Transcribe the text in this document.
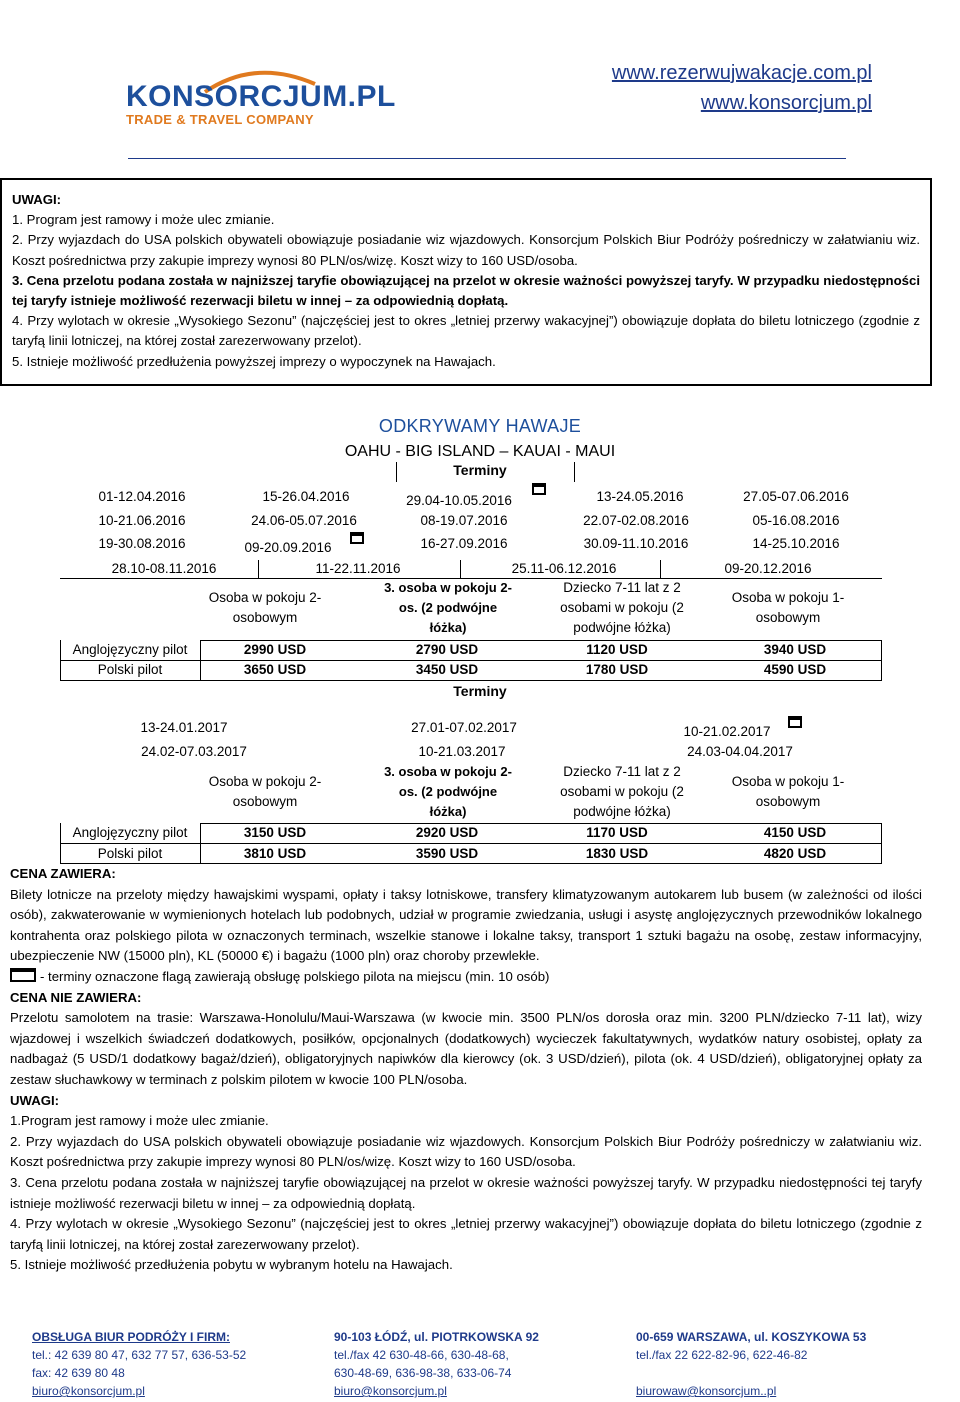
KONSORCJUM.PL
TRADE & TRAVEL COMPANY
www.rezerwujwakacje.com.pl
www.konsorcjum.pl

UWAGI:

1. Program jest ramowy i może ulec zmianie.

2. Przy wyjazdach do USA polskich obywateli obowiązuje posiadanie wiz wjazdowych. Konsorcjum Polskich Biur Podróży pośredniczy w załatwianiu wiz. Koszt pośrednictwa przy zakupie imprezy wynosi 80 PLN/os/wizę. Koszt wizy to 160 USD/osoba.

3. Cena przelotu podana została w najniższej taryfie obowiązującej na przelot w okresie ważności powyższej taryfy. W przypadku niedostępności tej taryfy istnieje możliwość rezerwacji biletu w innej – za odpowiednią dopłatą.

4. Przy wylotach w okresie „Wysokiego Sezonu” (najczęściej jest to okres „letniej przerwy wakacyjnej”) obowiązuje dopłata do biletu lotniczego (zgodnie z taryfą linii lotniczej, na której został zarezerwowany przelot).

5. Istnieje możliwość przedłużenia powyższej imprezy o wypoczynek na Hawajach.

ODKRYWAMY HAWAJE
OAHU - BIG ISLAND – KAUAI - MAUI
Terminy
01-12.04.2016	15-26.04.2016	29.04-10.05.2016	13-24.05.2016	27.05-07.06.2016
10-21.06.2016	24.06-05.07.2016	08-19.07.2016	22.07-02.08.2016	05-16.08.2016
19-30.08.2016	09-20.09.2016	16-27.09.2016	30.09-11.10.2016	14-25.10.2016
28.10-08.11.2016	11-22.11.2016	25.11-06.12.2016	09-20.12.2016
Osoba w pokoju 2-osobowym
3. osoba w pokoju 2-os. (2 podwójne łóżka)
Dziecko 7-11 lat z 2 osobami w pokoju (2 podwójne łóżka)
Osoba w pokoju 1-osobowym
Anglojęzyczny pilot	2990 USD	2790 USD	1120 USD	3940 USD
Polski pilot	3650 USD	3450 USD	1780 USD	4590 USD
Terminy
13-24.01.2017	27.01-07.02.2017	10-21.02.2017
24.02-07.03.2017	10-21.03.2017	24.03-04.04.2017
Osoba w pokoju 2-osobowym
3. osoba w pokoju 2-os. (2 podwójne łóżka)
Dziecko 7-11 lat z 2 osobami w pokoju (2 podwójne łóżka)
Osoba w pokoju 1-osobowym
Anglojęzyczny pilot	3150 USD	2920 USD	1170 USD	4150 USD
Polski pilot	3810 USD	3590 USD	1830 USD	4820 USD

CENA ZAWIERA:

Bilety lotnicze na przeloty między hawajskimi wyspami, opłaty i taksy lotniskowe, transfery klimatyzowanym autokarem lub busem (w zależności od ilości osób), zakwaterowanie w wymienionych hotelach lub podobnych, udział w programie zwiedzania, usługi i asystę anglojęzycznych przewodników lokalnego kontrahenta oraz polskiego pilota w oznaczonych terminach, wszelkie stanowe i lokalne taksy, transport 1 sztuki bagażu na osobę, zestaw informacyjny, ubezpieczenie NW (15000 pln), KL (50000 €) i bagażu (1000 pln) oraz choroby przewlekłe.

- terminy oznaczone flagą zawierają obsługę polskiego pilota na miejscu (min. 10 osób)

CENA NIE ZAWIERA:

Przelotu samolotem na trasie: Warszawa-Honolulu/Maui-Warszawa (w kwocie min. 3500 PLN/os dorosła oraz min. 3200 PLN/dziecko 7-11 lat), wizy wjazdowej i wszelkich świadczeń dodatkowych, posiłków, opcjonalnych (dodatkowych) wycieczek fakultatywnych, wydatków natury osobistej, opłaty za nadbagaż (5 USD/1 dodatkowy bagaż/dzień), obligatoryjnych napiwków dla kierowcy (ok. 3 USD/dzień), pilota (ok. 4 USD/dzień), obligatoryjnej opłaty za zestaw słuchawkowy w terminach z polskim pilotem w kwocie 100 PLN/osoba.

UWAGI:

1.Program jest ramowy i może ulec zmianie.

2. Przy wyjazdach do USA polskich obywateli obowiązuje posiadanie wiz wjazdowych. Konsorcjum Polskich Biur Podróży pośredniczy w załatwianiu wiz. Koszt pośrednictwa przy zakupie imprezy wynosi 80 PLN/os/wizę. Koszt wizy to 160 USD/osoba.

3. Cena przelotu podana została w najniższej taryfie obowiązującej na przelot w okresie ważności powyższej taryfy. W przypadku niedostępności tej taryfy istnieje możliwość rezerwacji biletu w innej – za odpowiednią dopłatą.

4. Przy wylotach w okresie „Wysokiego Sezonu” (najczęściej jest to okres „letniej przerwy wakacyjnej”) obowiązuje dopłata do biletu lotniczego (zgodnie z taryfą linii lotniczej, na której został zarezerwowany przelot).

5. Istnieje możliwość przedłużenia pobytu w wybranym hotelu na Hawajach.

OBSŁUGA BIUR PODRÓŻY I FIRM:
tel.: 42 639 80 47, 632 77 57, 636-53-52
fax: 42 639 80 48
biuro@konsorcjum.pl
90-103 ŁÓDŹ, ul. PIOTRKOWSKA 92
tel./fax 42 630-48-66, 630-48-68,
630-48-69, 636-98-38, 633-06-74
biuro@konsorcjum.pl
00-659 WARSZAWA, ul. KOSZYKOWA 53
tel./fax 22 622-82-96, 622-46-82

biurowaw@konsorcjum..pl
